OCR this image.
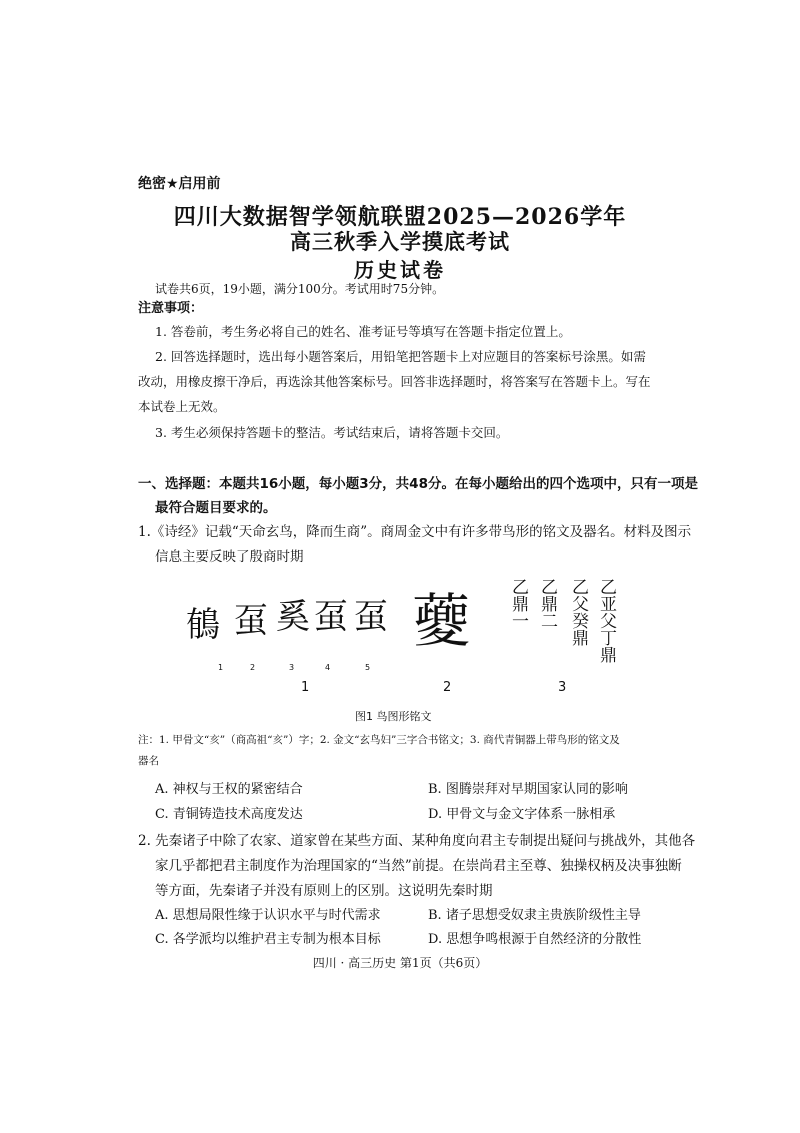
绝密★启用前
四川大数据智学领航联盟2025—2026学年
高三秋季入学摸底考试
历史试卷
试卷共6页，19小题，满分100分。考试用时75分钟。
注意事项：
1. 答卷前，考生务必将自己的姓名、准考证号等填写在答题卡指定位置上。
2. 回答选择题时，选出每小题答案后，用铅笔把答题卡上对应题目的答案标号涂黑。如需
改动，用橡皮擦干净后，再选涂其他答案标号。回答非选择题时，将答案写在答题卡上。写在
本试卷上无效。
3. 考生必须保持答题卡的整洁。考试结束后，请将答题卡交回。
一、选择题：本题共16小题，每小题3分，共48分。在每小题给出的四个选项中，只有一项是
最符合题目要求的。
1.《诗经》记载“天命玄鸟，降而生商”。商周金文中有许多带鸟形的铭文及器名。材料及图示
信息主要反映了殷商时期
䳑 虿 奚 虿 虿
1	2	3	4	5
1
䕫
2
乙
鼎
一
乙
鼎
二
乙
父
癸
鼎
乙
亚
父
丁
鼎
3
图1 鸟图形铭文
注：1. 甲骨文“亥”（商高祖“亥”）字；2. 金文“玄鸟妇”三字合书铭文；3. 商代青铜器上带鸟形的铭文及
器名
A. 神权与王权的紧密结合	B. 图腾崇拜对早期国家认同的影响
C. 青铜铸造技术高度发达	D. 甲骨文与金文字体系一脉相承
2. 先秦诸子中除了农家、道家曾在某些方面、某种角度向君主专制提出疑问与挑战外，其他各
家几乎都把君主制度作为治理国家的“当然”前提。在崇尚君主至尊、独操权柄及决事独断
等方面，先秦诸子并没有原则上的区别。这说明先秦时期
A. 思想局限性缘于认识水平与时代需求	B. 诸子思想受奴隶主贵族阶级性主导
C. 各学派均以维护君主专制为根本目标	D. 思想争鸣根源于自然经济的分散性
四川 · 高三历史 第1页（共6页）
